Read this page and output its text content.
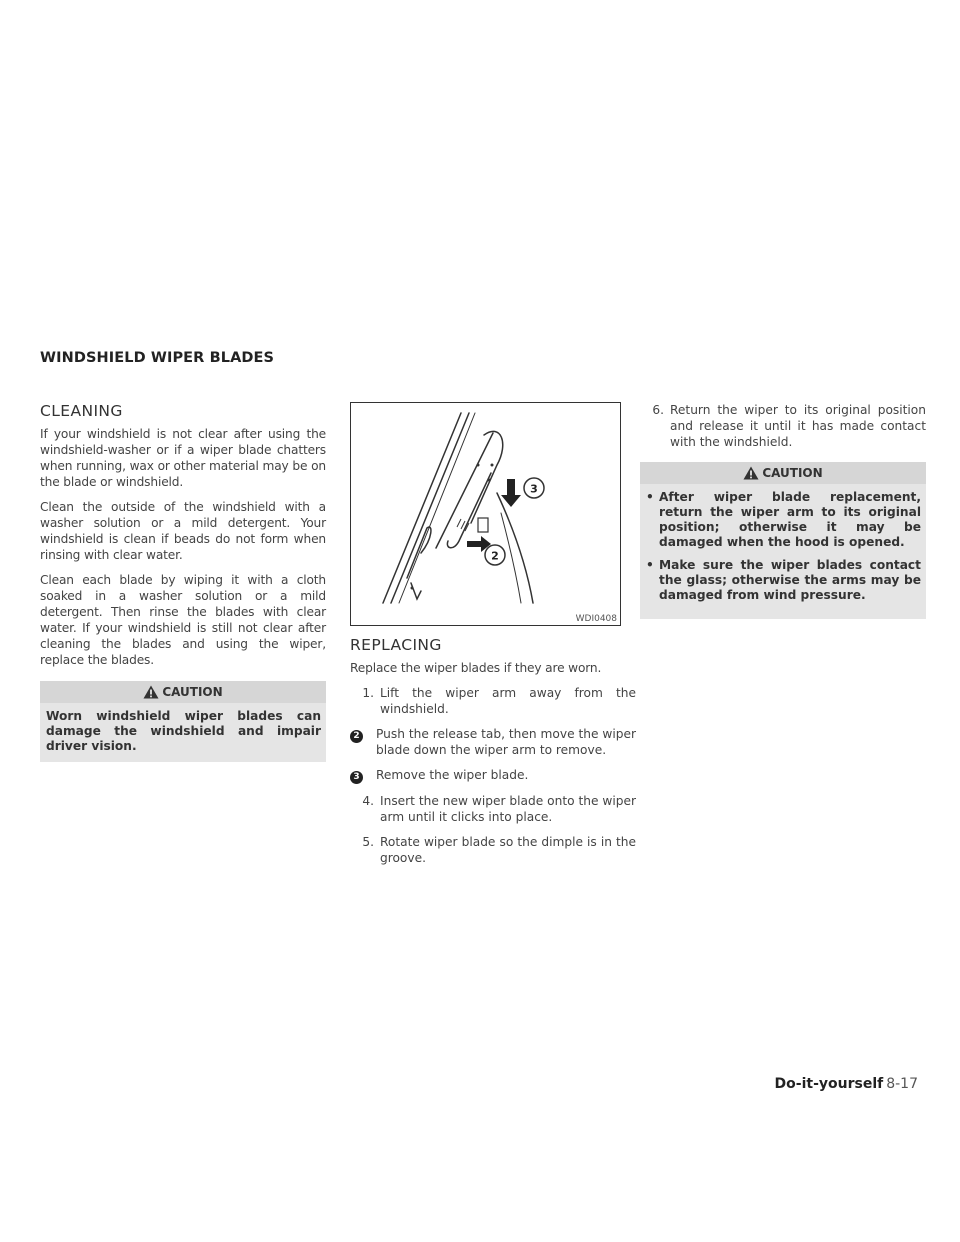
WINDSHIELD WIPER BLADES
CLEANING

If your windshield is not clear after using the windshield-washer or if a wiper blade chatters when running, wax or other material may be on the blade or windshield.

Clean the outside of the windshield with a washer solution or a mild detergent. Your windshield is clean if beads do not form when rinsing with clear water.

Clean each blade by wiping it with a cloth soaked in a washer solution or a mild detergent. Then rinse the blades with clear water. If your windshield is still not clear after cleaning the blades and using the wiper, replace the blades.

CAUTION
Worn windshield wiper blades can damage the windshield and impair driver vision.
3
2
WDI0408
REPLACING

Replace the wiper blades if they are worn.

1. Lift the wiper arm away from the windshield.
2	Push the release tab, then move the wiper blade down the wiper arm to remove.
3	Remove the wiper blade.
4. Insert the new wiper blade onto the wiper arm until it clicks into place.
5. Rotate wiper blade so the dimple is in the groove.
6. Return the wiper to its original position and release it until it has made contact with the windshield.
CAUTION
• After wiper blade replacement, return the wiper arm to its original position; otherwise it may be damaged when the hood is opened.
• Make sure the wiper blades contact the glass; otherwise the arms may be damaged from wind pressure.
Do-it-yourself 8-17
